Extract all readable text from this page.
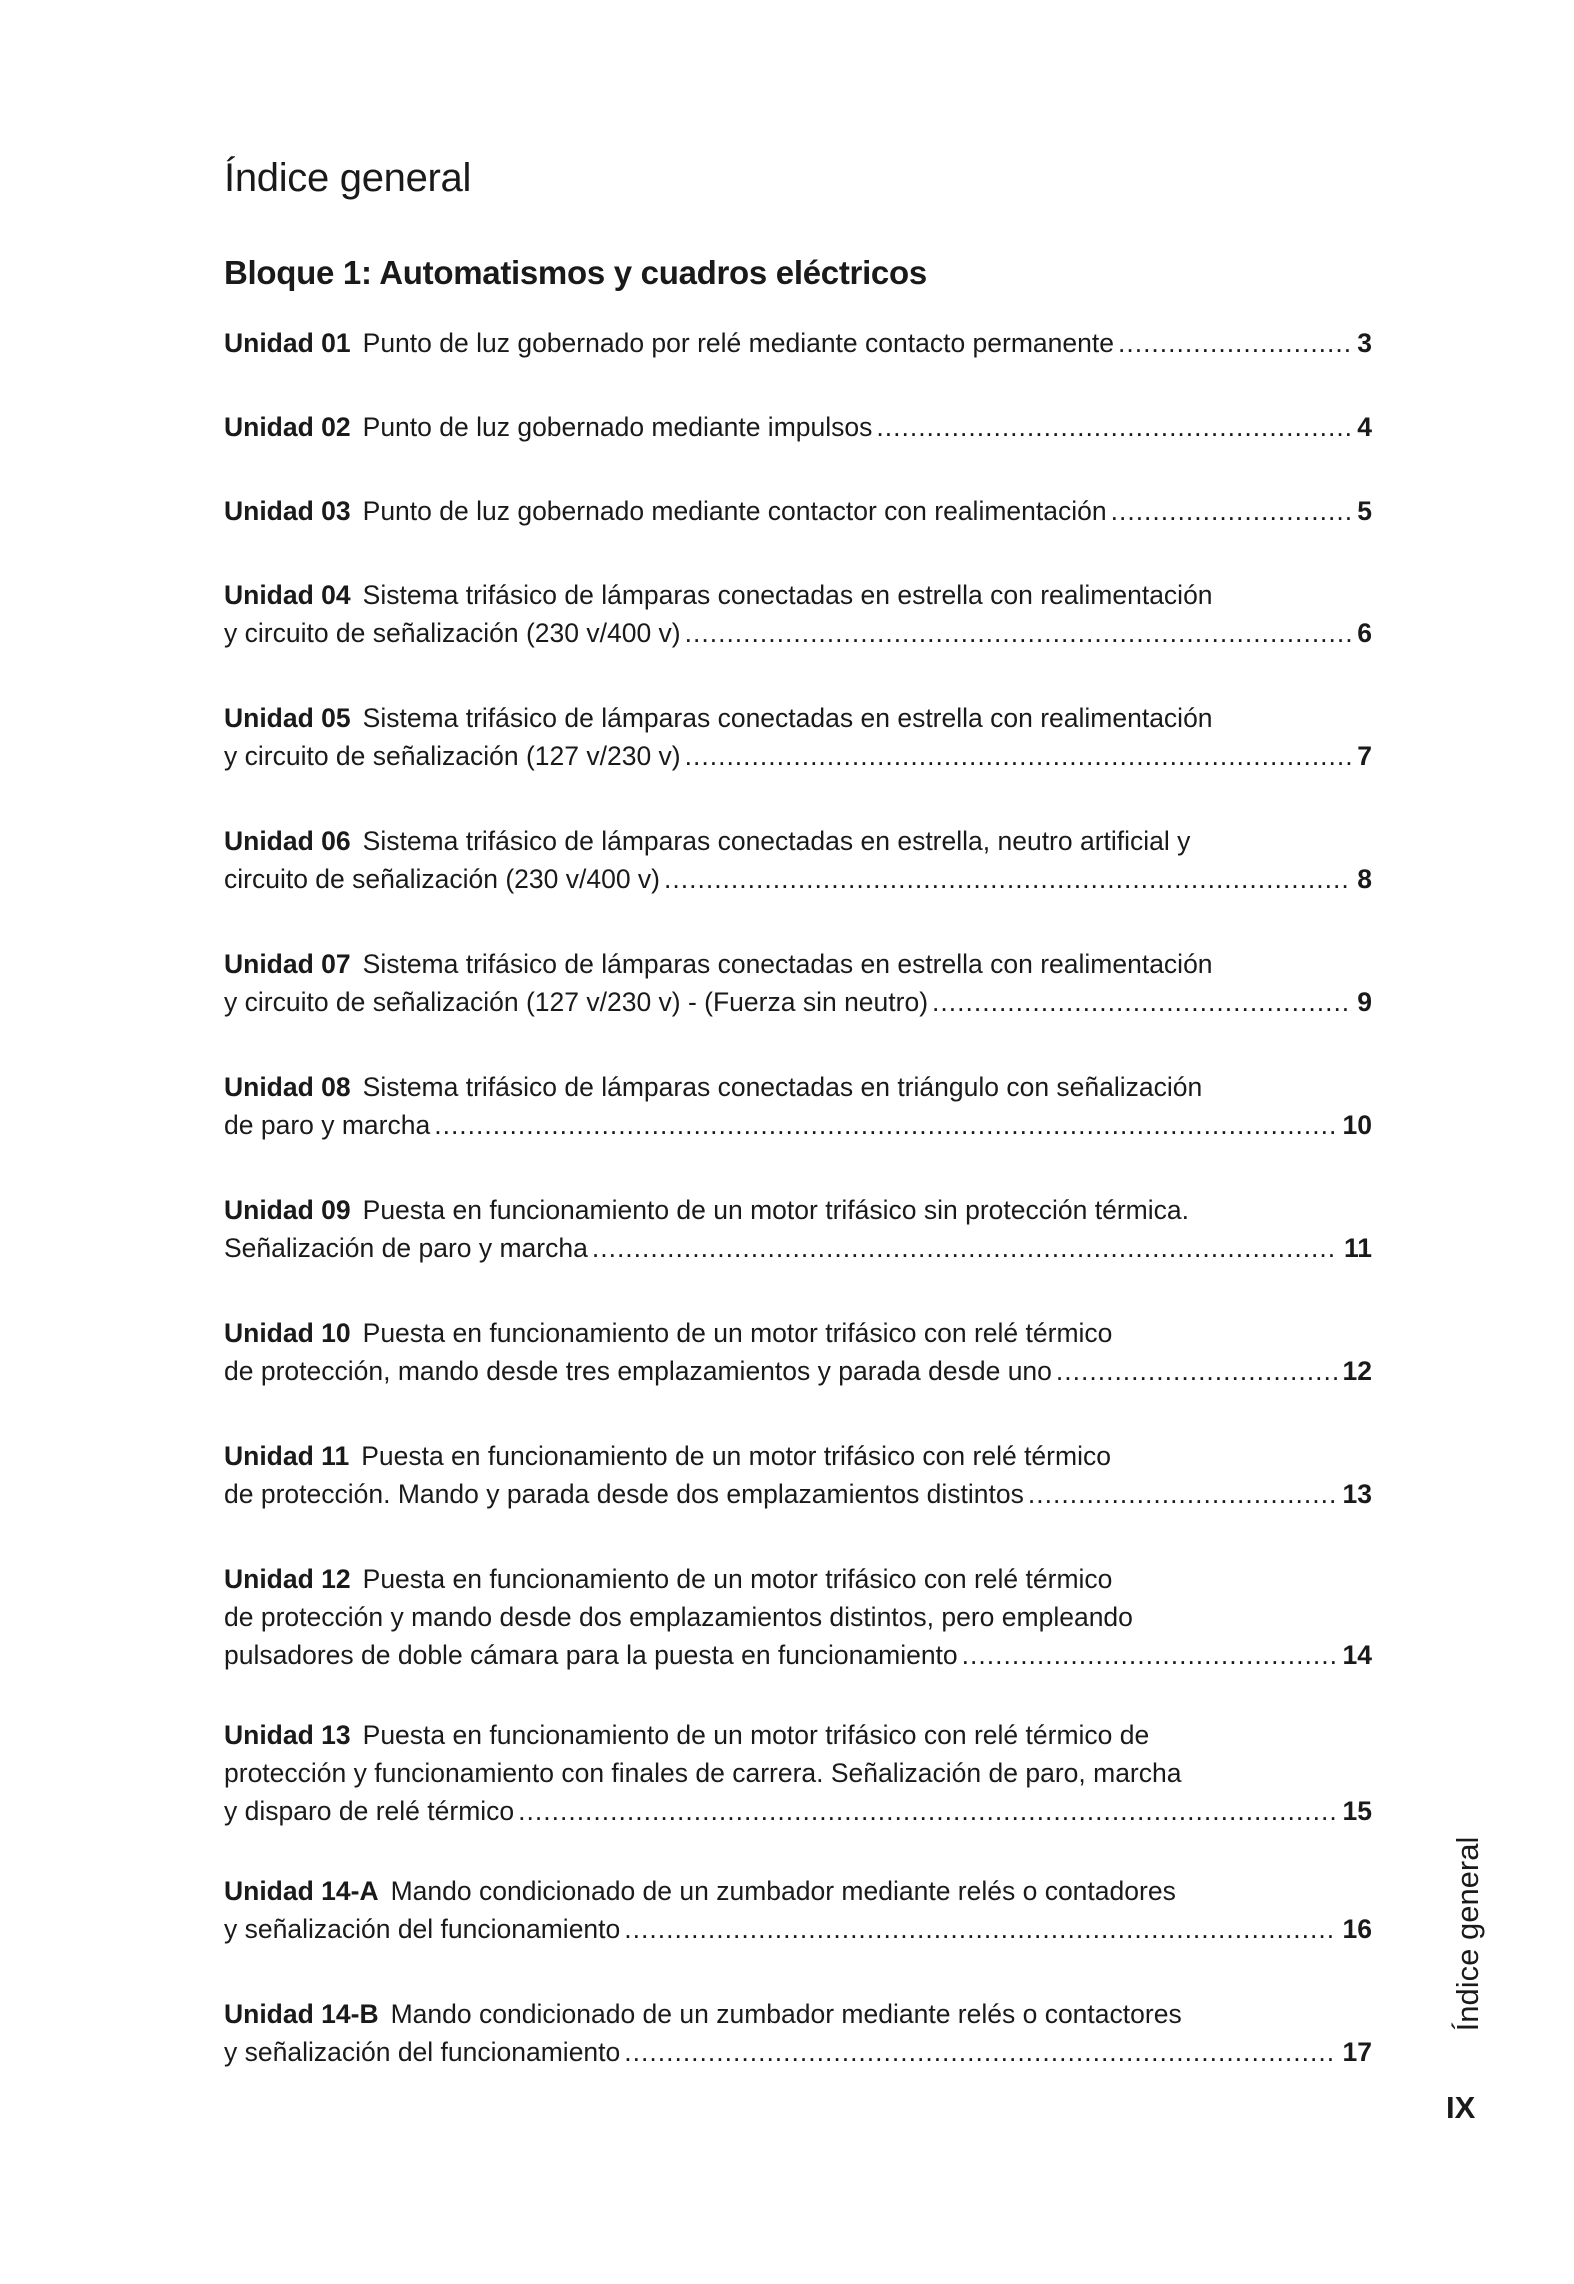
Índice general
Bloque 1: Automatismos y cuadros eléctricos
Unidad 01 Punto de luz gobernado por relé mediante contacto permanente .....	3
Unidad 02 Punto de luz gobernado mediante impulsos .....	4
Unidad 03 Punto de luz gobernado mediante contactor con realimentación .....	5
Unidad 04 Sistema trifásico de lámparas conectadas en estrella con realimentación
y circuito de señalización (230 v/400 v) .....	6
Unidad 05 Sistema trifásico de lámparas conectadas en estrella con realimentación
y circuito de señalización (127 v/230 v) .....	7
Unidad 06 Sistema trifásico de lámparas conectadas en estrella, neutro artificial y
circuito de señalización (230 v/400 v) .....	8
Unidad 07 Sistema trifásico de lámparas conectadas en estrella con realimentación
y circuito de señalización (127 v/230 v) - (Fuerza sin neutro) .....	9
Unidad 08 Sistema trifásico de lámparas conectadas en triángulo con señalización
de paro y marcha .....	10
Unidad 09 Puesta en funcionamiento de un motor trifásico sin protección térmica.
Señalización de paro y marcha .....	11
Unidad 10 Puesta en funcionamiento de un motor trifásico con relé térmico
de protección, mando desde tres emplazamientos y parada desde uno .....	12
Unidad 11 Puesta en funcionamiento de un motor trifásico con relé térmico
de protección. Mando y parada desde dos emplazamientos distintos .....	13
Unidad 12 Puesta en funcionamiento de un motor trifásico con relé térmico
de protección y mando desde dos emplazamientos distintos, pero empleando
pulsadores de doble cámara para la puesta en funcionamiento .....	14
Unidad 13 Puesta en funcionamiento de un motor trifásico con relé térmico de
protección y funcionamiento con finales de carrera. Señalización de paro, marcha
y disparo de relé térmico .....	15
Unidad 14-A Mando condicionado de un zumbador mediante relés o contadores
y señalización del funcionamiento .....	16
Unidad 14-B Mando condicionado de un zumbador mediante relés o contactores
y señalización del funcionamiento .....	17
Índice general
IX
